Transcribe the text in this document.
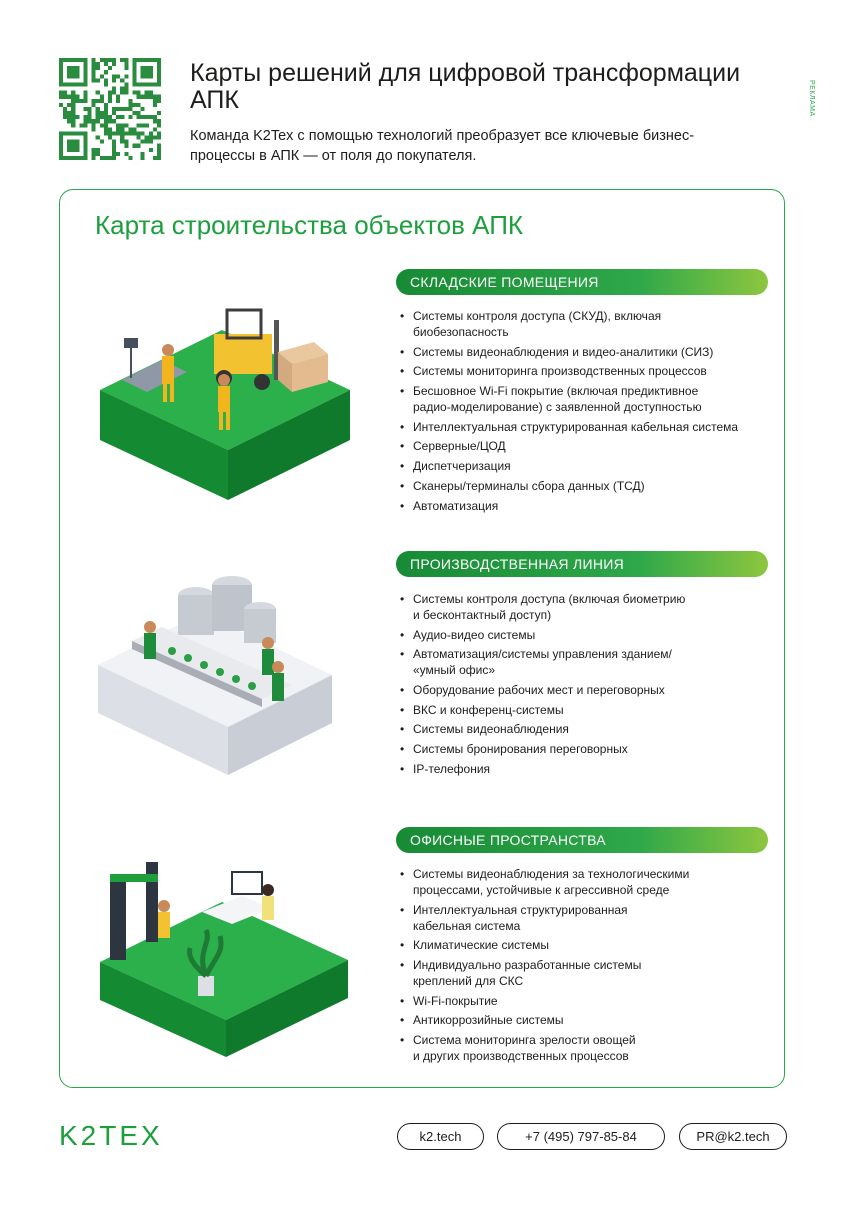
Карты решений для цифровой трансформации АПК

Команда K2Tex с помощью технологий преобразует все ключевые бизнес-процессы в АПК — от поля до покупателя.

РЕКЛАМА
Карта строительства объектов АПК
СКЛАДСКИЕ ПОМЕЩЕНИЯ
• Системы контроля доступа (СКУД), включая
биобезопасность
• Системы видеонаблюдения и видео-аналитики (СИЗ)
• Системы мониторинга производственных процессов
• Бесшовное Wi-Fi покрытие (включая предиктивное
радио-моделирование) с заявленной доступностью
• Интеллектуальная структурированная кабельная система
• Серверные/ЦОД
• Диспетчеризация
• Сканеры/терминалы сбора данных (ТСД)
• Автоматизация
ПРОИЗВОДСТВЕННАЯ ЛИНИЯ
• Системы контроля доступа (включая биометрию
и бесконтактный доступ)
• Аудио-видео системы
• Автоматизация/системы управления зданием/
«умный офис»
• Оборудование рабочих мест и переговорных
• ВКС и конференц-системы
• Системы видеонаблюдения
• Системы бронирования переговорных
• IP-телефония
ОФИСНЫЕ ПРОСТРАНСТВА
• Системы видеонаблюдения за технологическими
процессами, устойчивые к агрессивной среде
• Интеллектуальная структурированная
кабельная система
• Климатические системы
• Индивидуально разработанные системы
креплений для СКС
• Wi-Fi-покрытие
• Антикоррозийные системы
• Система мониторинга зрелости овощей
и других производственных процессов
K2TEX	k2.tech	+7 (495) 797-85-84	PR@k2.tech
